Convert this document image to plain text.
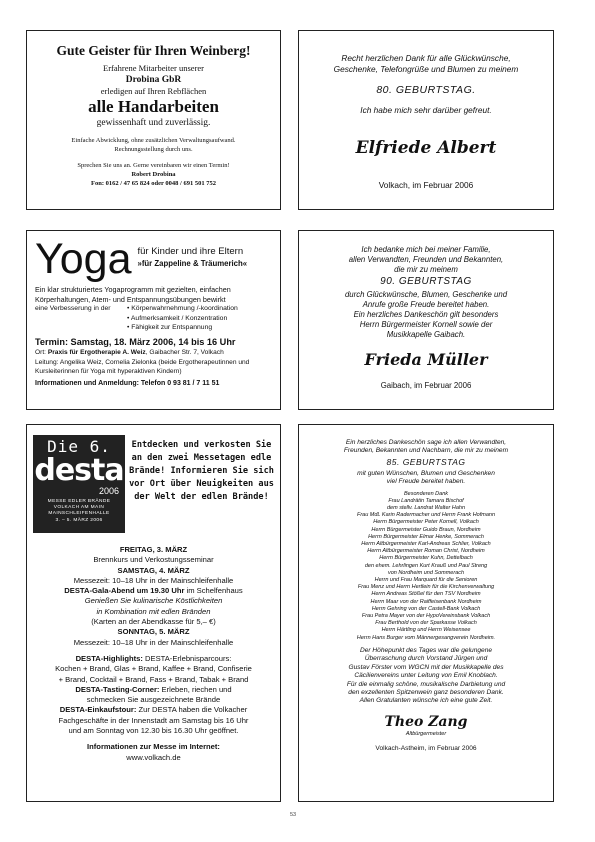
Gute Geister für Ihren Weinberg!
Erfahrene Mitarbeiter unserer
Drobina GbR
erledigen auf Ihren Rebflächen
alle Handarbeiten
gewissenhaft und zuverlässig.
Einfache Abwicklung, ohne zusätzlichen Verwaltungsaufwand.
Rechnungsstellung durch uns.
Sprechen Sie uns an. Gerne vereinbaren wir einen Termin!
Robert Drobina
Fon: 0162 / 47 65 824 oder 0048 / 691 501 752
Recht herzlichen Dank für alle Glückwünsche,
Geschenke, Telefongrüße und Blumen zu meinem
80. GEBURTSTAG.
Ich habe mich sehr darüber gefreut.
Elfriede Albert
Volkach, im Februar 2006
Yoga für Kinder und ihre Eltern
»für Zappeline & Träumerich«
Ein klar strukturiertes Yogaprogramm mit gezielten, einfachen Körperhaltungen, Atem- und Entspannungsübungen bewirkt
eine Verbesserung in der	• Körperwahrnehmung /-koordination
• Aufmerksamkeit / Konzentration
• Fähigkeit zur Entspannung
Termin: Samstag, 18. März 2006, 14 bis 16 Uhr
Ort: Praxis für Ergotherapie A. Weiz, Gaibacher Str. 7, Volkach
Leitung: Angelika Weiz, Cornelia Zielonka (beide Ergotherapeutinnen und Kursleiterinnen für Yoga mit hyperaktiven Kindern)
Informationen und Anmeldung: Telefon 0 93 81 / 7 11 51
Ich bedanke mich bei meiner Familie,
allen Verwandten, Freunden und Bekannten,
die mir zu meinem
90. GEBURTSTAG
durch Glückwünsche, Blumen, Geschenke und
Anrufe große Freude bereitet haben.
Ein herzliches Dankeschön gilt besonders
Herrn Bürgermeister Kornell sowie der
Musikkapelle Gaibach.
Frieda Müller
Gaibach, im Februar 2006
Die 6.
desta
2006
MESSE EDLER BRÄNDE
VOLKACH AM MAIN
MAINSCHLEIFENHALLE
3. – 5. MÄRZ 2006
Entdecken und verkosten Sie an den zwei Messetagen edle Brände! Informieren Sie sich vor Ort über Neuigkeiten aus der Welt der edlen Brände!
FREITAG, 3. MÄRZ
Brennkurs und Verkostungsseminar
SAMSTAG, 4. MÄRZ
Messezeit: 10–18 Uhr in der Mainschleifenhalle
DESTA-Gala-Abend um 19.30 Uhr im Schelfenhaus
Genießen Sie kulinarische Köstlichkeiten
in Kombination mit edlen Bränden
(Karten an der Abendkasse für 5,– €)
SONNTAG, 5. MÄRZ
Messezeit: 10–18 Uhr in der Mainschleifenhalle
DESTA-Highlights: DESTA-Erlebnisparcours:
Kochen + Brand, Glas + Brand, Kaffee + Brand, Confiserie
+ Brand, Cocktail + Brand, Fass + Brand, Tabak + Brand
DESTA-Tasting-Corner: Erleben, riechen und
schmecken Sie ausgezeichnete Brände
DESTA-Einkaufstour: Zur DESTA haben die Volkacher
Fachgeschäfte in der Innenstadt am Samstag bis 16 Uhr
und am Sonntag von 12.30 bis 16.30 Uhr geöffnet.
Informationen zur Messe im Internet:
www.volkach.de
Ein herzliches Dankeschön sage ich allen Verwandten,
Freunden, Bekannten und Nachbarn, die mir zu meinem
85. GEBURTSTAG
mit guten Wünschen, Blumen und Geschenken
viel Freude bereitet haben.
Besonderen Dank
Frau Landrätin Tamara Bischof
dem stellv. Landrat Walter Hahn
Frau MdL Karin Radermacher und Herrn Frank Hofmann
Herrn Bürgermeister Peter Kornell, Volkach
Herrn Bürgermeister Guido Braun, Nordheim
Herrn Bürgermeister Elmar Henke, Sommerach
Herrn Altbürgermeister Karl-Andreas Schlier, Volkach
Herrn Altbürgermeister Roman Christ, Nordheim
Herrn Bürgermeister Kuhn, Dettelbach
den ehem. Lehrlingen Kurt Krauß und Paul Streng
von Nordheim und Sommerach
Herrn und Frau Marquard für die Senioren
Frau Menz und Herrn Hertlein für die Kirchenverwaltung
Herrn Andreas Stößel für den TSV Nordheim
Herrn Maar von der Raiffeisenbank Nordheim
Herrn Gehring von der Castell-Bank Volkach
Frau Petra Mayer von der HypoVereinsbank Volkach
Frau Berthold von der Sparkasse Volkach
Herrn Härtling und Herrn Weisensee
Herrn Hans Burger vom Männergesangverein Nordheim.
Der Höhepunkt des Tages war die gelungene
Überraschung durch Vorstand Jürgen und
Gustav Förster vom WGCN mit der Musikkapelle des
Cäcilienvereins unter Leitung von Emil Knoblach.
Für die einmalig schöne, musikalische Darbietung und
den exzellenten Spitzenwein ganz besonderen Dank.
Allen Gratulanten wünsche ich eine gute Zeit.
Theo Zang
Altbürgermeister
Volkach-Astheim, im Februar 2006
53
